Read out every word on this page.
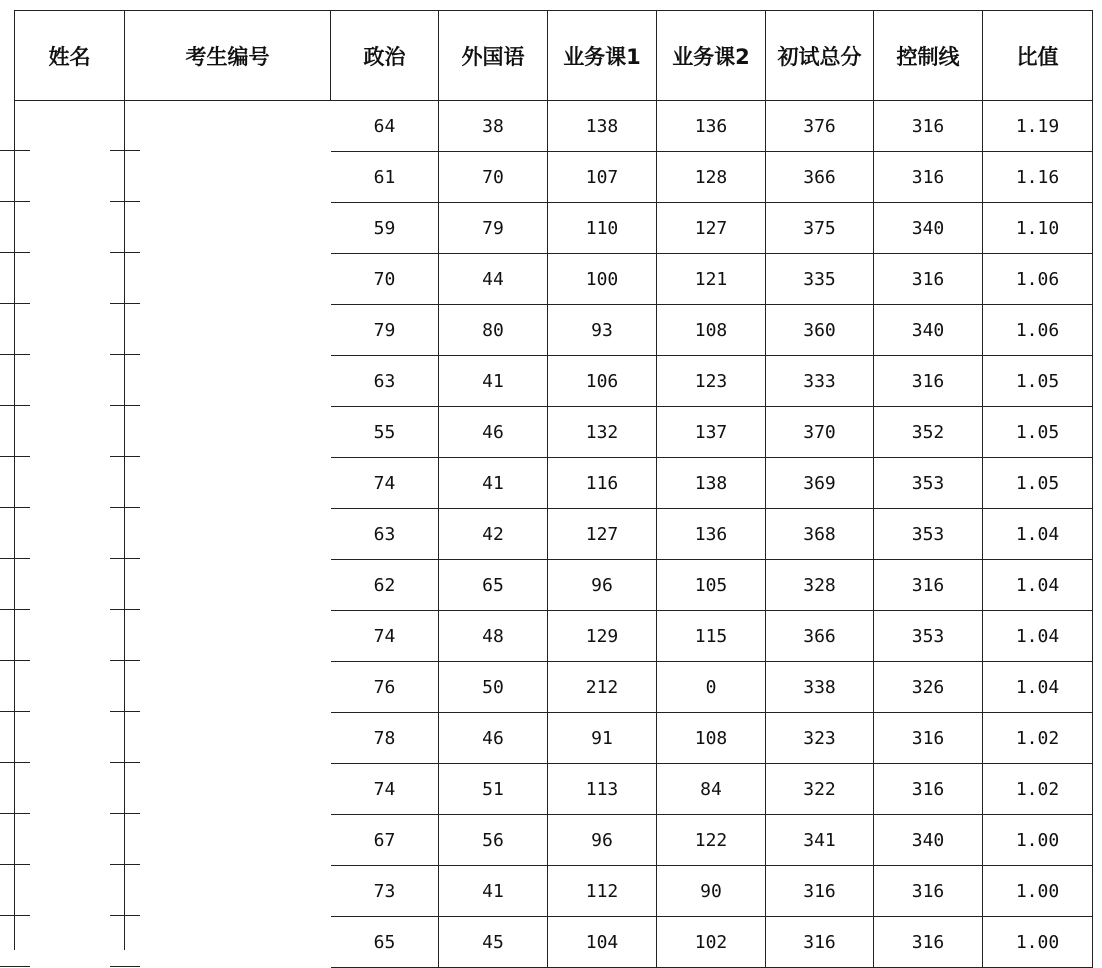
姓名	考生编号	政治	外国语	业务课1	业务课2	初试总分	控制线	比值
		64	38	138	136	376	316	1.19
		61	70	107	128	366	316	1.16
		59	79	110	127	375	340	1.10
		70	44	100	121	335	316	1.06
		79	80	93	108	360	340	1.06
		63	41	106	123	333	316	1.05
		55	46	132	137	370	352	1.05
		74	41	116	138	369	353	1.05
		63	42	127	136	368	353	1.04
		62	65	96	105	328	316	1.04
		74	48	129	115	366	353	1.04
		76	50	212	0	338	326	1.04
		78	46	91	108	323	316	1.02
		74	51	113	84	322	316	1.02
		67	56	96	122	341	340	1.00
		73	41	112	90	316	316	1.00
		65	45	104	102	316	316	1.00
